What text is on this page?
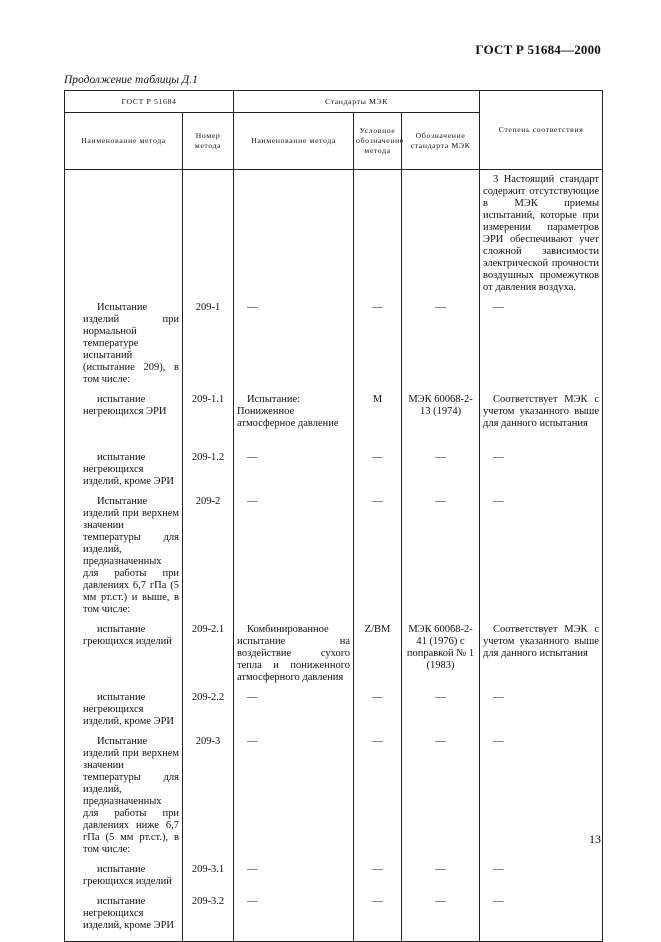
ГОСТ Р 51684—2000
Продолжение таблицы Д.1
ГОСТ Р 51684		Стандарты МЭК			Степень соответствия
Наименование метода	Номер метода	Наименование метода	Условное обозначение метода	Обозначение стандарта МЭК	
					3 Настоящий стандарт содержит отсутствующие в МЭК приемы испытаний, которые при измерении параметров ЭРИ обеспечивают учет сложной зависимости электрической прочности воздушных промежутков от давления воздуха.
Испытание изделий при нормальной температуре испытаний (испытание 209), в том числе:	209-1	—	—	—	—
испытание негреющихся ЭРИ	209-1.1	Испытание: Пониженное атмосферное давление	M	МЭК 60068-2-13 (1974)	Соответствует МЭК с учетом указанного выше для данного испытания
испытание негреющихся изделий, кроме ЭРИ	209-1.2	—	—	—	—
Испытание изделий при верхнем значении температуры для изделий, предназначенных для работы при давлениях 6,7 гПа (5 мм рт.ст.) и выше, в том числе:	209-2	—	—	—	—
испытание греющихся изделий	209-2.1	Комбинированное испытание на воздействие сухого тепла и пониженного атмосферного давления	Z/BM	МЭК 60068-2-41 (1976) с поправкой № 1 (1983)	Соответствует МЭК с учетом указанного выше для данного испытания
испытание негреющихся изделий, кроме ЭРИ	209-2.2	—	—	—	—
Испытание изделий при верхнем значении температуры для изделий, предназначенных для работы при давлениях ниже 6,7 гПа (5 мм рт.ст.), в том числе:	209-3	—	—	—	—
испытание греющихся изделий	209-3.1	—	—	—	—
испытание негреющихся изделий, кроме ЭРИ	209-3.2	—	—	—	—
13
